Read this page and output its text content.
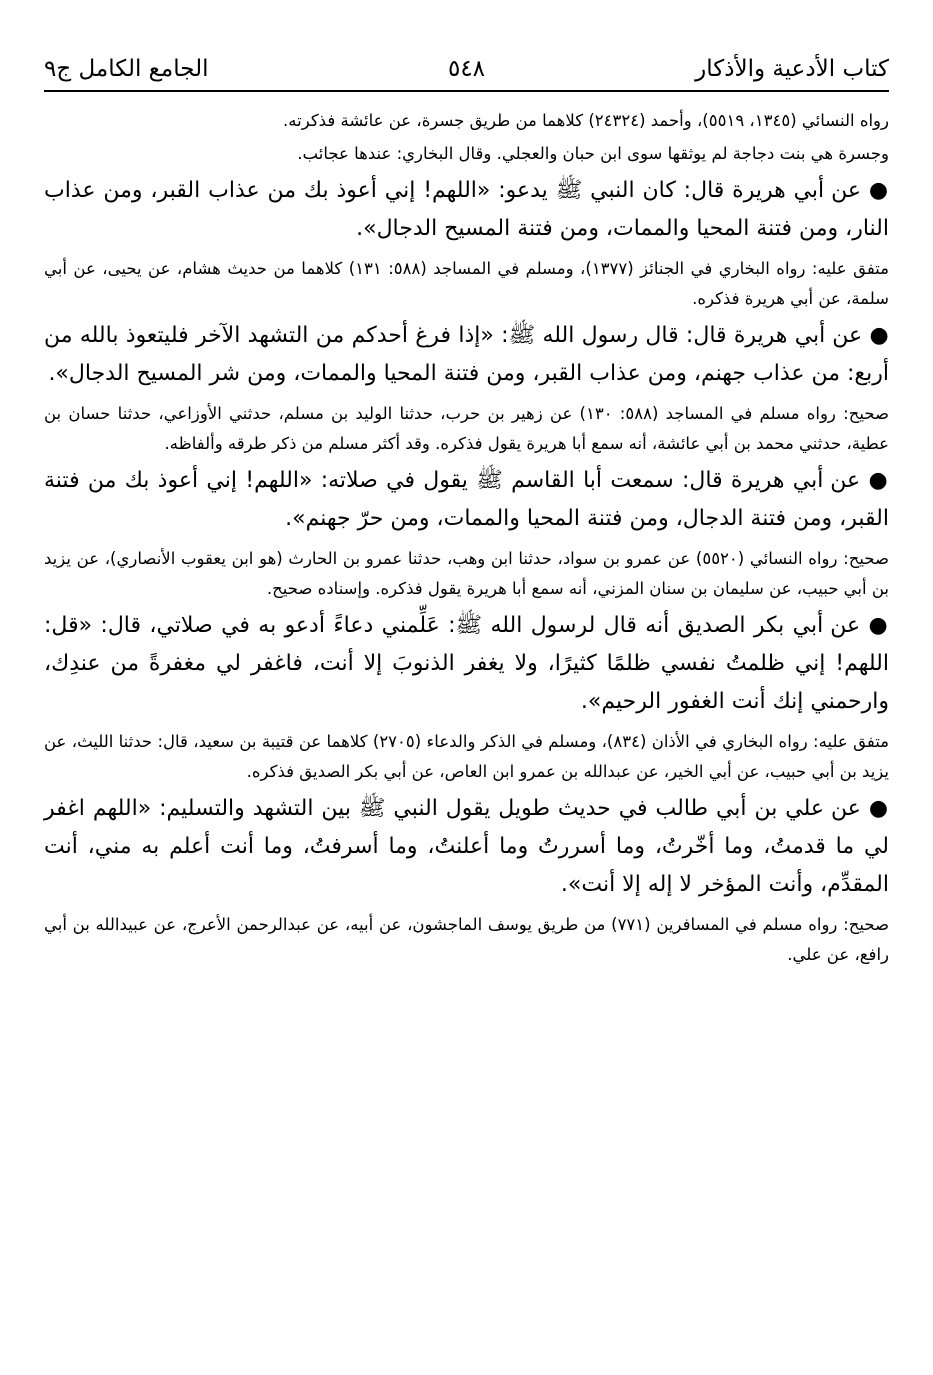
كتاب الأدعية والأذكار
٥٤٨
الجامع الكامل ج٩

رواه النسائي (١٣٤٥، ٥٥١٩)، وأحمد (٢٤٣٢٤) كلاهما من طريق جسرة، عن عائشة فذكرته.

وجسرة هي بنت دجاجة لم يوثقها سوى ابن حبان والعجلي. وقال البخاري: عندها عجائب.

● عن أبي هريرة قال: كان النبي ﷺ يدعو: «اللهم! إني أعوذ بك من عذاب القبر، ومن عذاب النار، ومن فتنة المحيا والممات، ومن فتنة المسيح الدجال».

متفق عليه: رواه البخاري في الجنائز (١٣٧٧)، ومسلم في المساجد (٥٨٨: ١٣١) كلاهما من حديث هشام، عن يحيى، عن أبي سلمة، عن أبي هريرة فذكره.

● عن أبي هريرة قال: قال رسول الله ﷺ: «إذا فرغ أحدكم من التشهد الآخر فليتعوذ بالله من أربع: من عذاب جهنم، ومن عذاب القبر، ومن فتنة المحيا والممات، ومن شر المسيح الدجال».

صحيح: رواه مسلم في المساجد (٥٨٨: ١٣٠) عن زهير بن حرب، حدثنا الوليد بن مسلم، حدثني الأوزاعي، حدثنا حسان بن عطية، حدثني محمد بن أبي عائشة، أنه سمع أبا هريرة يقول فذكره. وقد أكثر مسلم من ذكر طرقه وألفاظه.

● عن أبي هريرة قال: سمعت أبا القاسم ﷺ يقول في صلاته: «اللهم! إني أعوذ بك من فتنة القبر، ومن فتنة الدجال، ومن فتنة المحيا والممات، ومن حرّ جهنم».

صحيح: رواه النسائي (٥٥٢٠) عن عمرو بن سواد، حدثنا ابن وهب، حدثنا عمرو بن الحارث (هو ابن يعقوب الأنصاري)، عن يزيد بن أبي حبيب، عن سليمان بن سنان المزني، أنه سمع أبا هريرة يقول فذكره. وإسناده صحيح.

● عن أبي بكر الصديق أنه قال لرسول الله ﷺ: عَلِّمني دعاءً أدعو به في صلاتي، قال: «قل: اللهم! إني ظلمتُ نفسي ظلمًا كثيرًا، ولا يغفر الذنوبَ إلا أنت، فاغفر لي مغفرةً من عندِك، وارحمني إنك أنت الغفور الرحيم».

متفق عليه: رواه البخاري في الأذان (٨٣٤)، ومسلم في الذكر والدعاء (٢٧٠٥) كلاهما عن قتيبة بن سعيد، قال: حدثنا الليث، عن يزيد بن أبي حبيب، عن أبي الخير، عن عبدالله بن عمرو ابن العاص، عن أبي بكر الصديق فذكره.

● عن علي بن أبي طالب في حديث طويل يقول النبي ﷺ بين التشهد والتسليم: «اللهم اغفر لي ما قدمتُ، وما أخّرتُ، وما أسررتُ وما أعلنتُ، وما أسرفتُ، وما أنت أعلم به مني، أنت المقدِّم، وأنت المؤخر لا إله إلا أنت».

صحيح: رواه مسلم في المسافرين (٧٧١) من طريق يوسف الماجشون، عن أبيه، عن عبدالرحمن الأعرج، عن عبيدالله بن أبي رافع، عن علي.
